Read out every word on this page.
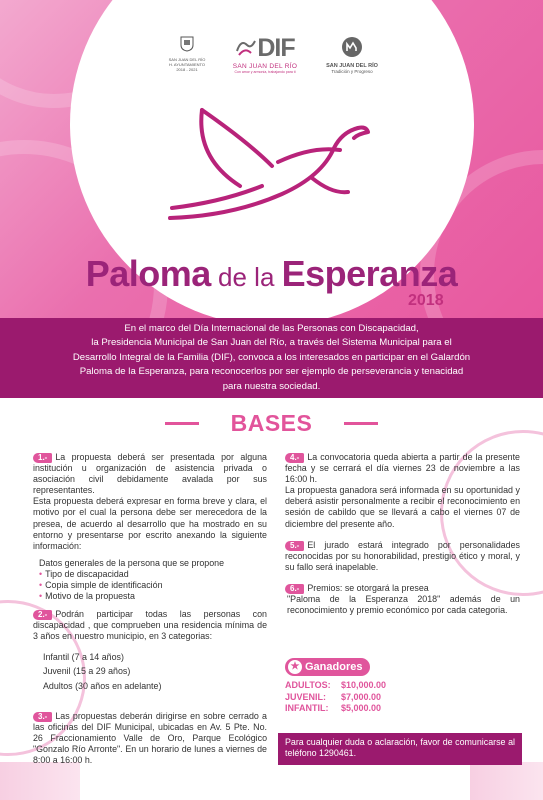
SAN JUAN DEL RÍO
H. AYUNTAMIENTO
2018 - 2021
DIF
SAN JUAN DEL RÍO
Con amor y armonía, trabajando para ti
SAN JUAN DEL RÍO
Tradición y Progreso
Paloma de la Esperanza
2018
En el marco del Día Internacional de las Personas con Discapacidad,
la Presidencia Municipal de San Juan del Río, a través del Sistema Municipal para el
Desarrollo Integral de la Familia (DIF), convoca a los interesados en participar en el Galardón
Paloma de la Esperanza, para reconocerlos por ser ejemplo de perseverancia y tenacidad
para nuestra sociedad.
BASES
1.- La propuesta deberá ser presentada por alguna institución u organización de asistencia privada o asociación civil debidamente avalada por sus representantes.
Esta propuesta deberá expresar en forma breve y clara, el motivo por el cual la persona debe ser merecedora de la presea, de acuerdo al desarrollo que ha mostrado en su entorno y presentarse por escrito anexando la siguiente información:
Datos generales de la persona que se propone
• Tipo de discapacidad
• Copia simple de identificación
• Motivo de la propuesta
2.- Podrán participar todas las personas con discapacidad , que comprueben una residencia mínima de 3 años en nuestro municipio, en 3 categorias:
Infantil (7 a 14 años)
Juvenil (15 a 29 años)
Adultos (30 años en adelante)
3.- Las propuestas deberán dirigirse en sobre cerrado a las oficinas del DIF Municipal, ubicadas en Av. 5 Pte. No. 26 Fraccionamiento Valle de Oro, Parque Ecológico "Gonzalo Río Arronte". En un horario de lunes a viernes de 8:00 a 16:00 h.
4.- La convocatoria queda abierta a partir de la presente fecha y se cerrará el día viernes 23 de noviembre a las 16:00 h.
La propuesta ganadora será informada en su oportunidad y deberá asistir personalmente a recibir el reconocimiento en sesión de cabildo que se llevará a cabo el viernes 07 de diciembre del presente año.
5.- El jurado estará integrado por personalidades reconocidas por su honorabilidad, prestigio ético y moral, y su fallo será inapelable.
6.- Premios: se otorgará la presea
"Paloma de la Esperanza 2018" además de un reconocimiento y premio económico por cada categoria.
★ Ganadores
ADULTOS: $10,000.00
JUVENIL: $7,000.00
INFANTIL: $5,000.00
Para cualquier duda o aclaración, favor de comunicarse al teléfono 1290461.
